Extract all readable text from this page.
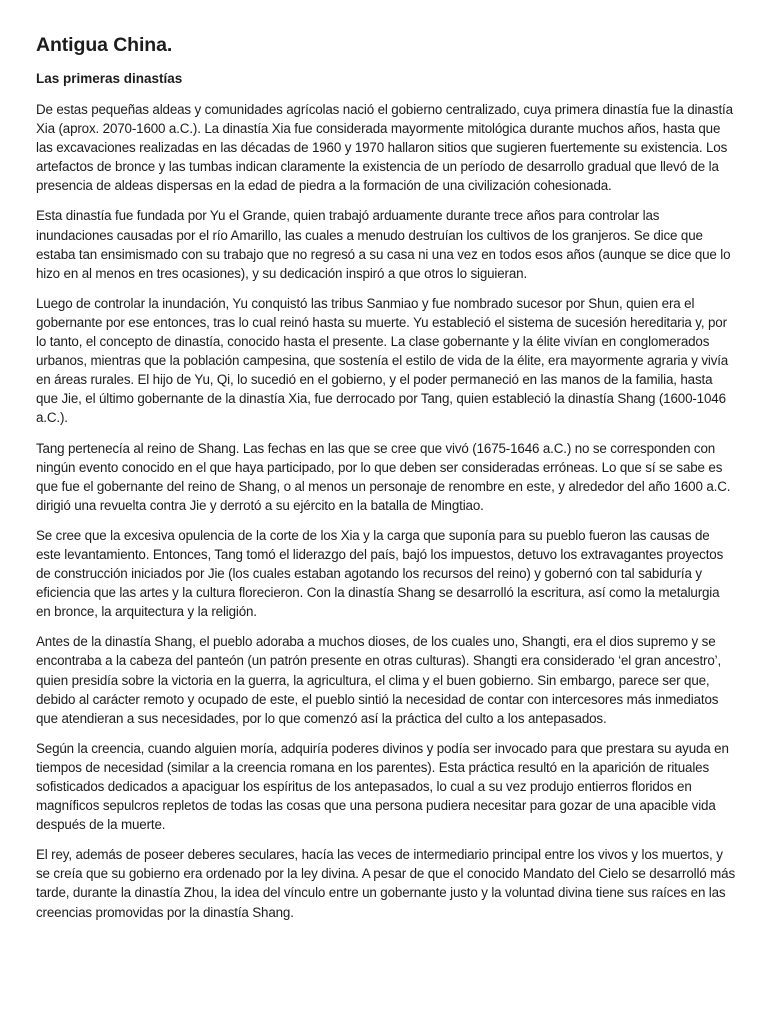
Antigua China.
Las primeras dinastías

De estas pequeñas aldeas y comunidades agrícolas nació el gobierno centralizado, cuya primera dinastía fue la dinastía Xia (aprox. 2070-1600 a.C.). La dinastía Xia fue considerada mayormente mitológica durante muchos años, hasta que las excavaciones realizadas en las décadas de 1960 y 1970 hallaron sitios que sugieren fuertemente su existencia. Los artefactos de bronce y las tumbas indican claramente la existencia de un período de desarrollo gradual que llevó de la presencia de aldeas dispersas en la edad de piedra a la formación de una civilización cohesionada.

Esta dinastía fue fundada por Yu el Grande, quien trabajó arduamente durante trece años para controlar las inundaciones causadas por el río Amarillo, las cuales a menudo destruían los cultivos de los granjeros. Se dice que estaba tan ensimismado con su trabajo que no regresó a su casa ni una vez en todos esos años (aunque se dice que lo hizo en al menos en tres ocasiones), y su dedicación inspiró a que otros lo siguieran.

Luego de controlar la inundación, Yu conquistó las tribus Sanmiao y fue nombrado sucesor por Shun, quien era el gobernante por ese entonces, tras lo cual reinó hasta su muerte. Yu estableció el sistema de sucesión hereditaria y, por lo tanto, el concepto de dinastía, conocido hasta el presente. La clase gobernante y la élite vivían en conglomerados urbanos, mientras que la población campesina, que sostenía el estilo de vida de la élite, era mayormente agraria y vivía en áreas rurales. El hijo de Yu, Qi, lo sucedió en el gobierno, y el poder permaneció en las manos de la familia, hasta que Jie, el último gobernante de la dinastía Xia, fue derrocado por Tang, quien estableció la dinastía Shang (1600-1046 a.C.).

Tang pertenecía al reino de Shang. Las fechas en las que se cree que vivó (1675-1646 a.C.) no se corresponden con ningún evento conocido en el que haya participado, por lo que deben ser consideradas erróneas. Lo que sí se sabe es que fue el gobernante del reino de Shang, o al menos un personaje de renombre en este, y alrededor del año 1600 a.C. dirigió una revuelta contra Jie y derrotó a su ejército en la batalla de Mingtiao.

Se cree que la excesiva opulencia de la corte de los Xia y la carga que suponía para su pueblo fueron las causas de este levantamiento. Entonces, Tang tomó el liderazgo del país, bajó los impuestos, detuvo los extravagantes proyectos de construcción iniciados por Jie (los cuales estaban agotando los recursos del reino) y gobernó con tal sabiduría y eficiencia que las artes y la cultura florecieron. Con la dinastía Shang se desarrolló la escritura, así como la metalurgia en bronce, la arquitectura y la religión.

Antes de la dinastía Shang, el pueblo adoraba a muchos dioses, de los cuales uno, Shangti, era el dios supremo y se encontraba a la cabeza del panteón (un patrón presente en otras culturas). Shangti era considerado ‘el gran ancestro’, quien presidía sobre la victoria en la guerra, la agricultura, el clima y el buen gobierno. Sin embargo, parece ser que, debido al carácter remoto y ocupado de este, el pueblo sintió la necesidad de contar con intercesores más inmediatos que atendieran a sus necesidades, por lo que comenzó así la práctica del culto a los antepasados.

Según la creencia, cuando alguien moría, adquiría poderes divinos y podía ser invocado para que prestara su ayuda en tiempos de necesidad (similar a la creencia romana en los parentes). Esta práctica resultó en la aparición de rituales sofisticados dedicados a apaciguar los espíritus de los antepasados, lo cual a su vez produjo entierros floridos en magníficos sepulcros repletos de todas las cosas que una persona pudiera necesitar para gozar de una apacible vida después de la muerte.

El rey, además de poseer deberes seculares, hacía las veces de intermediario principal entre los vivos y los muertos, y se creía que su gobierno era ordenado por la ley divina. A pesar de que el conocido Mandato del Cielo se desarrolló más tarde, durante la dinastía Zhou, la idea del vínculo entre un gobernante justo y la voluntad divina tiene sus raíces en las creencias promovidas por la dinastía Shang.
